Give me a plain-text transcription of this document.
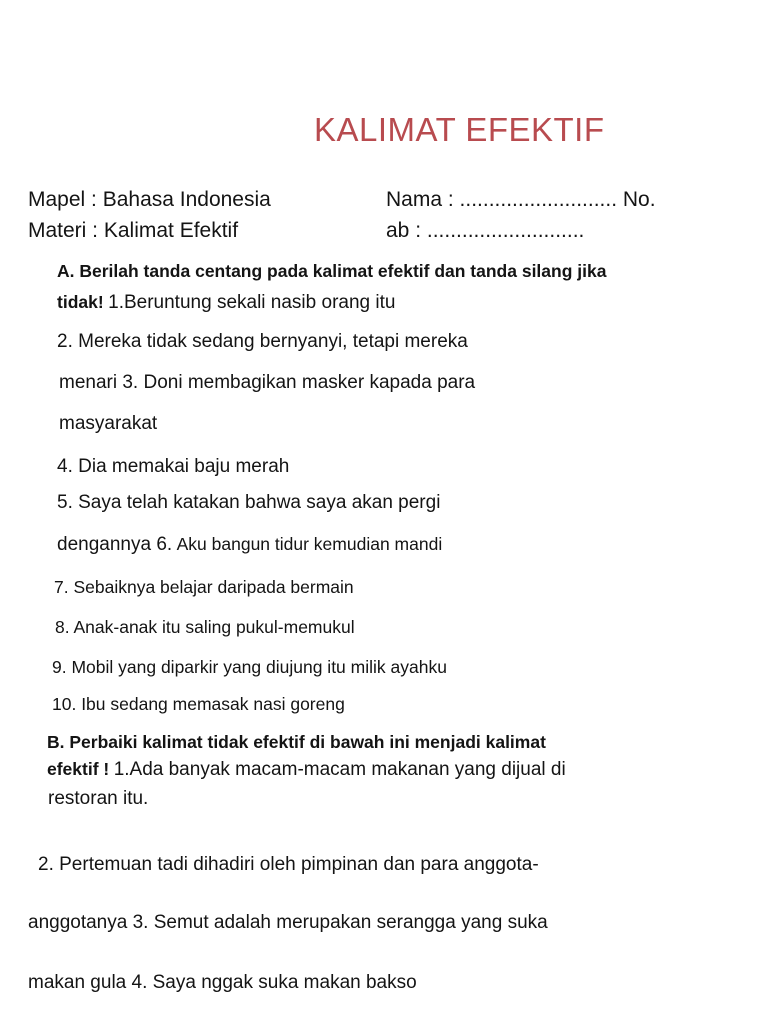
KALIMAT EFEKTIF
Mapel : Bahasa Indonesia	Nama : ........................... No.
Materi : Kalimat Efektif	ab : ...........................
A. Berilah tanda centang pada kalimat efektif dan tanda silang jika
tidak! 1.Beruntung sekali nasib orang itu
2. Mereka tidak sedang bernyanyi, tetapi mereka
menari 3. Doni membagikan masker kapada para
masyarakat
4. Dia memakai baju merah
5. Saya telah katakan bahwa saya akan pergi
dengannya 6. Aku bangun tidur kemudian mandi
7. Sebaiknya belajar daripada bermain
8. Anak-anak itu saling pukul-memukul
9. Mobil yang diparkir yang diujung itu milik ayahku
10. Ibu sedang memasak nasi goreng
B. Perbaiki kalimat tidak efektif di bawah ini menjadi kalimat
efektif ! 1.Ada banyak macam-macam makanan yang dijual di
restoran itu.
2. Pertemuan tadi dihadiri oleh pimpinan dan para anggota-
anggotanya 3. Semut adalah merupakan serangga yang suka
makan gula 4. Saya nggak suka makan bakso
